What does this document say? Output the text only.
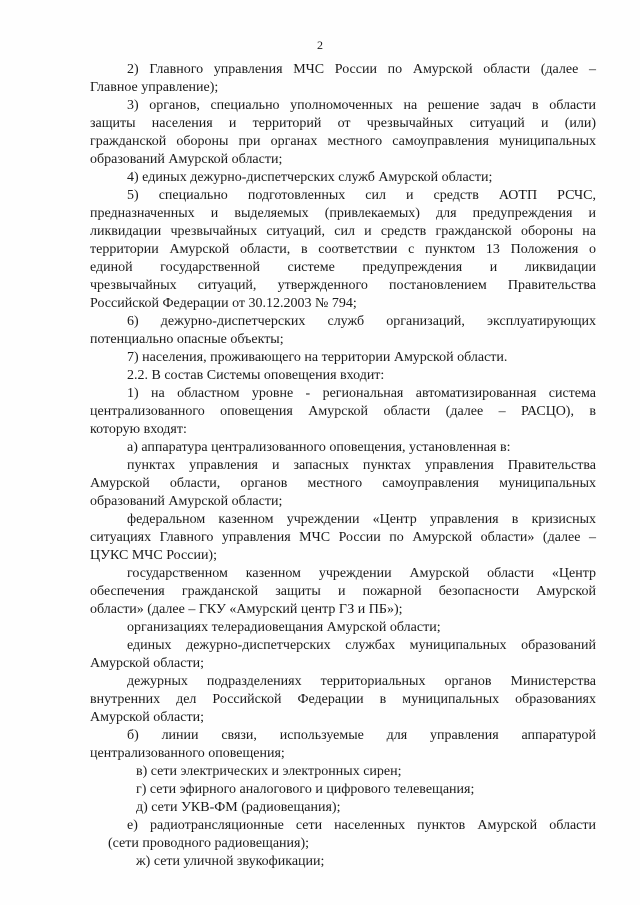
2
2) Главного управления МЧС России по Амурской области (далее –
Главное управление);
3) органов, специально уполномоченных на решение задач в области
защиты населения и территорий от чрезвычайных ситуаций и (или)
гражданской обороны при органах местного самоуправления муниципальных
образований Амурской области;
4) единых дежурно-диспетчерских служб Амурской области;
5) специально подготовленных сил и средств АОТП РСЧС,
предназначенных и выделяемых (привлекаемых) для предупреждения и
ликвидации чрезвычайных ситуаций, сил и средств гражданской обороны на
территории Амурской области, в соответствии с пунктом 13 Положения о
единой государственной системе предупреждения и ликвидации
чрезвычайных ситуаций, утвержденного постановлением Правительства
Российской Федерации от 30.12.2003 № 794;
6) дежурно-диспетчерских служб организаций, эксплуатирующих
потенциально опасные объекты;
7) населения, проживающего на территории Амурской области.
2.2. В состав Системы оповещения входит:
1) на областном уровне - региональная автоматизированная система
централизованного оповещения Амурской области (далее – РАСЦО), в
которую входят:
а) аппаратура централизованного оповещения, установленная в:
пунктах управления и запасных пунктах управления Правительства
Амурской области, органов местного самоуправления муниципальных
образований Амурской области;
федеральном казенном учреждении «Центр управления в кризисных
ситуациях Главного управления МЧС России по Амурской области» (далее –
ЦУКС МЧС России);
государственном казенном учреждении Амурской области «Центр
обеспечения гражданской защиты и пожарной безопасности Амурской
области» (далее – ГКУ «Амурский центр ГЗ и ПБ»);
организациях телерадиовещания Амурской области;
единых дежурно-диспетчерских службах муниципальных образований
Амурской области;
дежурных подразделениях территориальных органов Министерства
внутренних дел Российской Федерации в муниципальных образованиях
Амурской области;
б) линии связи, используемые для управления аппаратурой
централизованного оповещения;
в) сети электрических и электронных сирен;
г) сети эфирного аналогового и цифрового телевещания;
д) сети УКВ-ФМ (радиовещания);
е) радиотрансляционные сети населенных пунктов Амурской области
(сети проводного радиовещания);
ж) сети уличной звукофикации;
